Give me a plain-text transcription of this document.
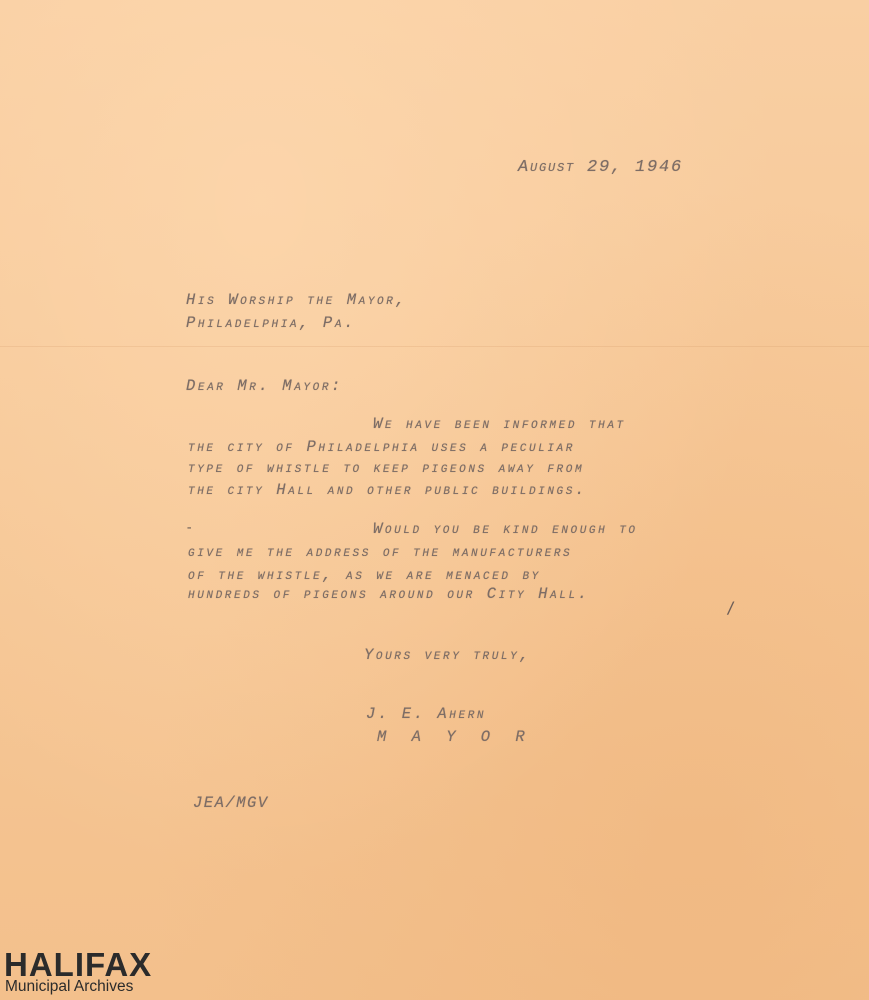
August 29, 1946
His Worship the Mayor,
Philadelphia, Pa.
Dear Mr. Mayor:
We have been informed that
the city of Philadelphia uses a peculiar
type of whistle to keep pigeons away from
the city Hall and other public buildings.
-	Would you be kind enough to
give me the address of the manufacturers
of the whistle, as we are menaced by
hundreds of pigeons around our City Hall.
/
Yours very truly,
J. E. Ahern
M A Y O R
JEA/MGV
HALIFAX
Municipal Archives
